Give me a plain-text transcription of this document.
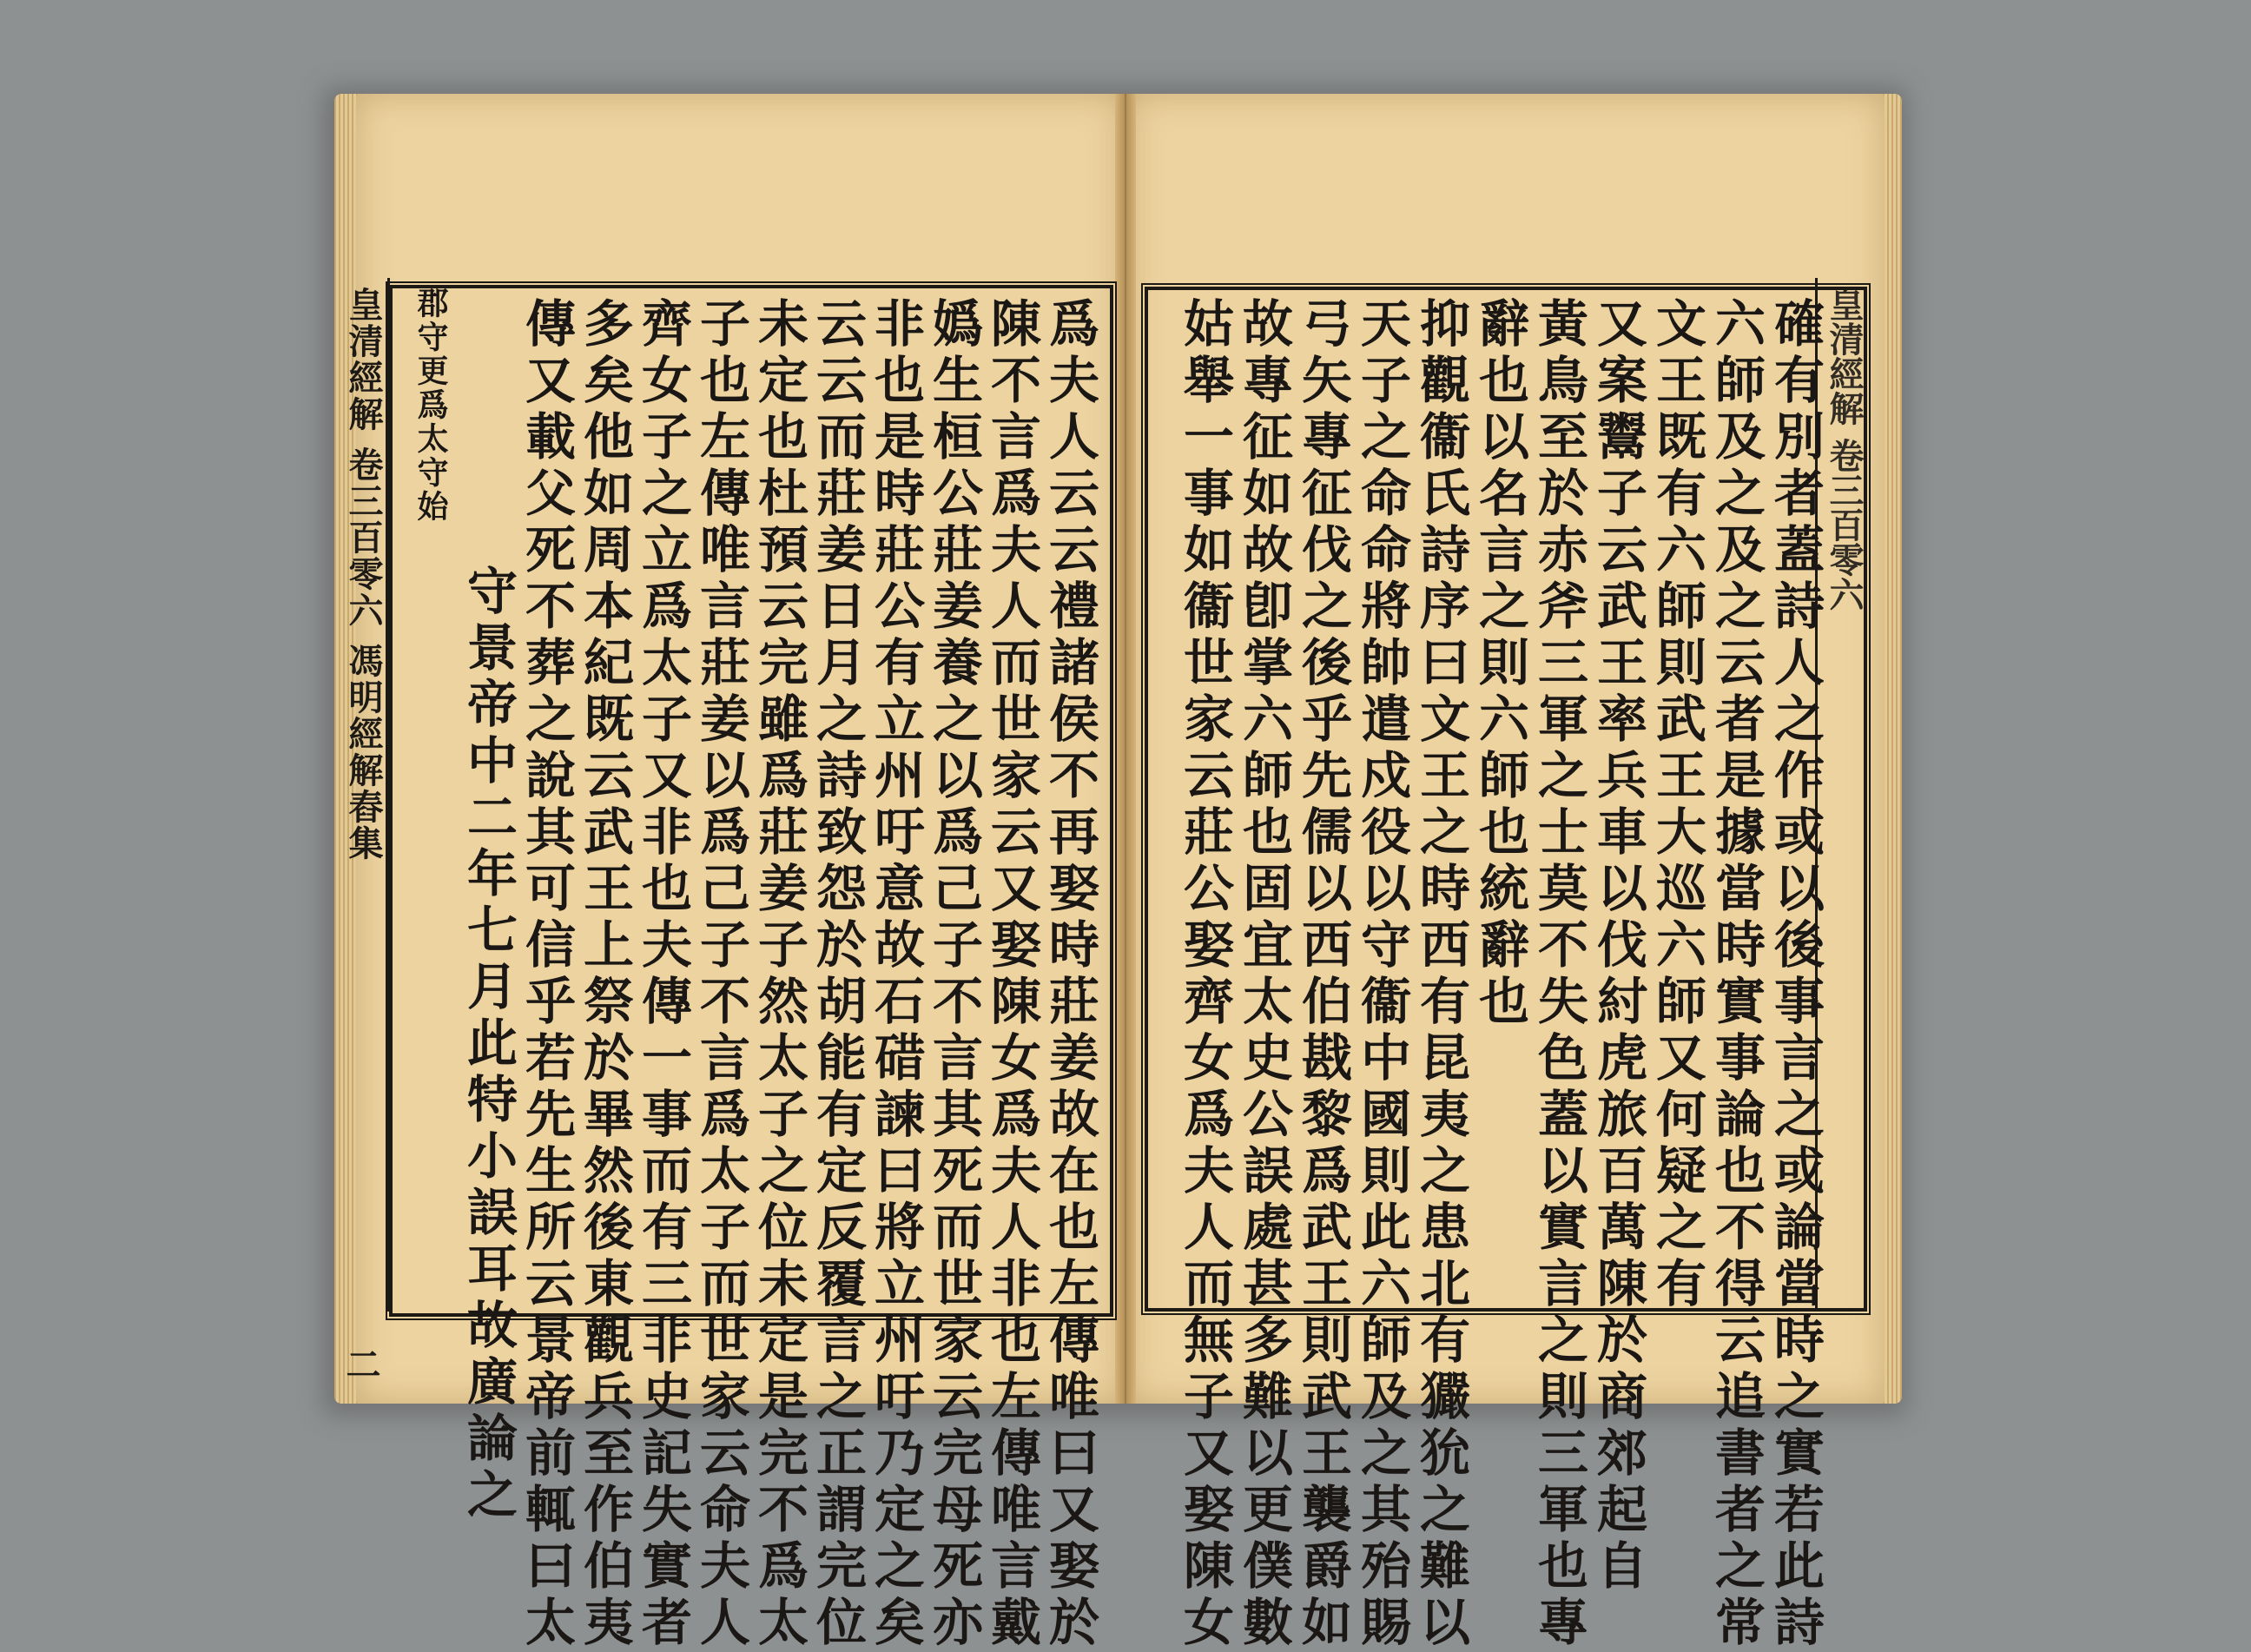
皇清經解 卷三百零六 馮明經解舂集
二	爲夫人云云禮諸侯不再娶時莊姜故在也左傳唯曰又娶於
陳不言爲夫人而世家云又娶陳女爲夫人非也左傳唯言戴
嬀生桓公莊姜養之以爲己子不言其死而世家云完母死亦
非也是時莊公有立州吁意故石碏諫曰將立州吁乃定之矣
云云而莊姜日月之詩致怨於胡能有定反覆言之正謂完位
未定也杜預云完雖爲莊姜子然太子之位未定是完不爲太
子也左傳唯言莊姜以爲己子不言爲太子而世家云命夫人
齊女子之立爲太子又非也夫傳一事而有三非史記失實者
多矣他如周本紀既云武王上祭於畢然後東觀兵至作伯夷
傳又載父死不葬之說其可信乎若先生所云景帝前輒曰太
守景帝中二年七月此特小誤耳故廣論之
郡守更爲太守始	皇清經解 卷三百零六
確有別者蓋詩人之作或以後事言之或論當時之實若此詩
六師及之及之云者是據當時實事論也不得云追書者之常
文王既有六師則武王大巡六師又何疑之有
又案鬻子云武王率兵車以伐紂虎旅百萬陳於商郊起自
黃鳥至於赤斧三軍之士莫不失色蓋以實言之則三軍也專
辭也以名言之則六師也統辭也
抑觀衞氏詩序曰文王之時西有昆夷之患北有玁狁之難以
天子之命命將帥遣戍役以守衞中國則此六師及之其殆賜
弓矢專征伐之後乎先儒以西伯戡黎爲武王則武王襲爵如
故專征如故卽掌六師也固宜太史公誤處甚多難以更僕數
姑舉一事如衞世家云莊公娶齊女爲夫人而無子又娶陳女
